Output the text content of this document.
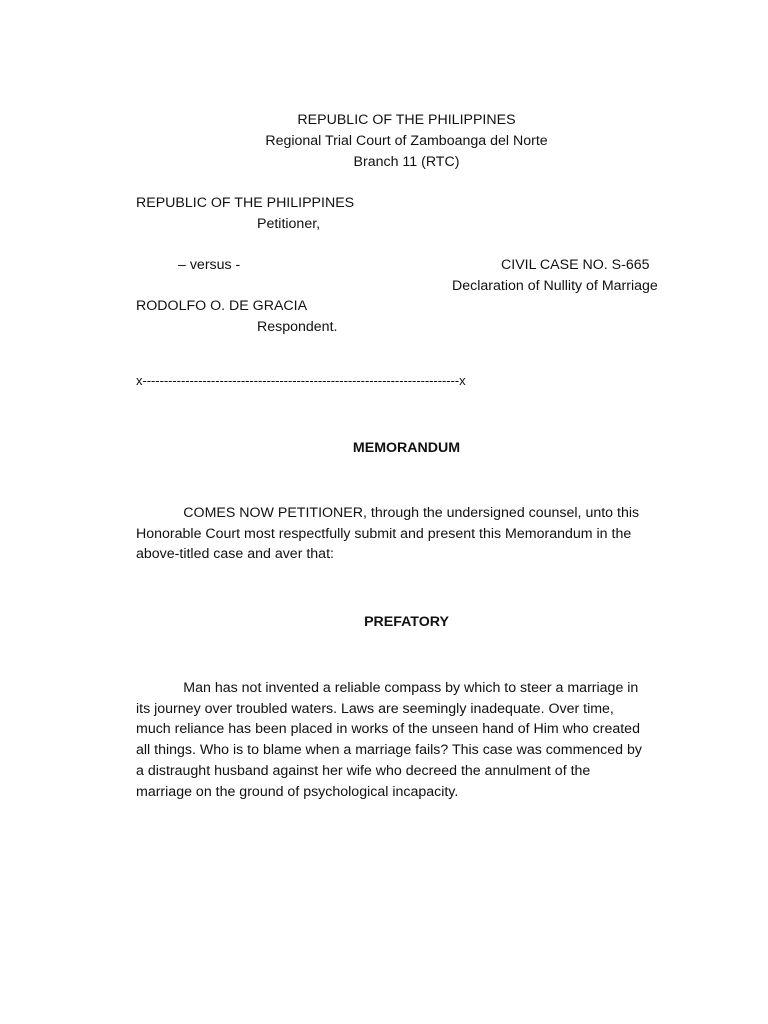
REPUBLIC OF THE PHILIPPINES
Regional Trial Court of Zamboanga del Norte
Branch 11 (RTC)
REPUBLIC OF THE PHILIPPINES
Petitioner,
– versus -	CIVIL CASE NO. S-665
Declaration of Nullity of Marriage
RODOLFO O. DE GRACIA
Respondent.
x--------------------------------------------------------------------------x
MEMORANDUM
COMES NOW PETITIONER, through the undersigned counsel, unto this
Honorable Court most respectfully submit and present this Memorandum in the
above-titled case and aver that:
PREFATORY
Man has not invented a reliable compass by which to steer a marriage in
its journey over troubled waters. Laws are seemingly inadequate. Over time,
much reliance has been placed in works of the unseen hand of Him who created
all things. Who is to blame when a marriage fails? This case was commenced by
a distraught husband against her wife who decreed the annulment of the
marriage on the ground of psychological incapacity.
